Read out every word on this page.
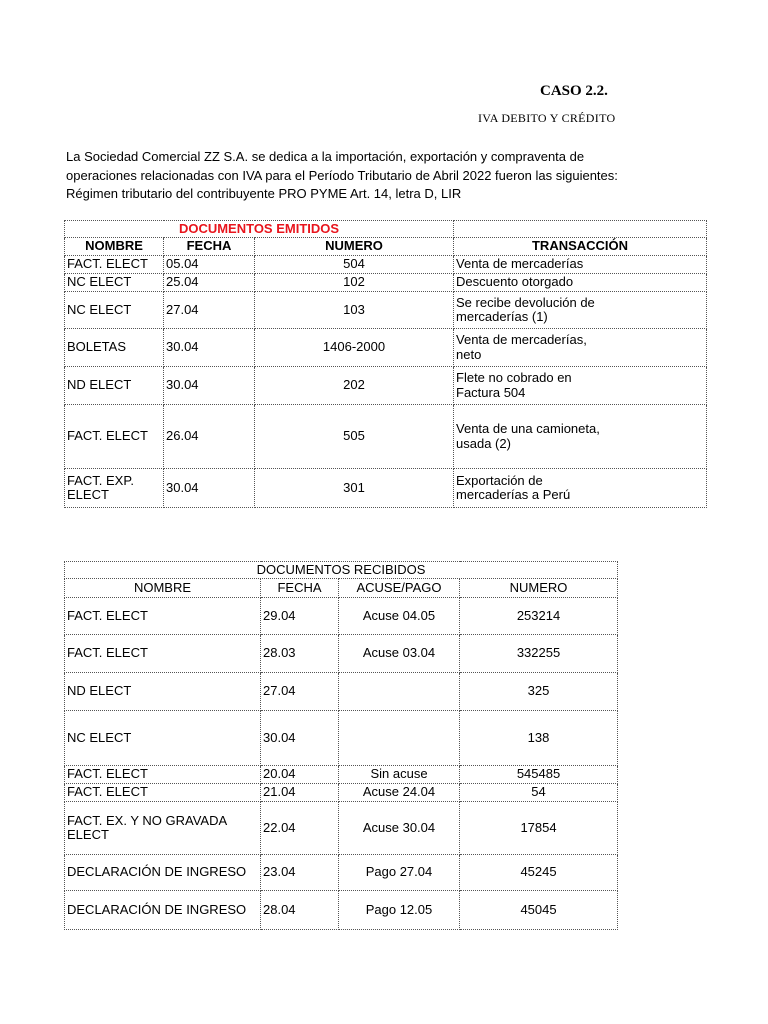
CASO 2.2.
IVA DEBITO Y CRÉDITO
La Sociedad Comercial ZZ S.A. se dedica a la importación, exportación y compraventa de
operaciones relacionadas con IVA para el Período Tributario de Abril 2022 fueron las siguientes:
Régimen tributario del contribuyente PRO PYME Art. 14, letra D, LIR
DOCUMENTOS EMITIDOS			
NOMBRE	FECHA	NUMERO	TRANSACCIÓN
FACT. ELECT	05.04	504	Venta de mercaderías
NC ELECT	25.04	102	Descuento otorgado
NC ELECT	27.04	103	Se recibe devolución de mercaderías (1)
BOLETAS	30.04	1406-2000	Venta de mercaderías, neto
ND ELECT	30.04	202	Flete no cobrado en Factura 504
FACT. ELECT	26.04	505	Venta de una camioneta, usada (2)
FACT. EXP. ELECT	30.04	301	Exportación de mercaderías a Perú
DOCUMENTOS RECIBIDOS			
NOMBRE	FECHA	ACUSE/PAGO	NUMERO
FACT. ELECT	29.04	Acuse 04.05	253214
FACT. ELECT	28.03	Acuse 03.04	332255
ND ELECT	27.04		325
NC ELECT	30.04		138
FACT. ELECT	20.04	Sin acuse	545485
FACT. ELECT	21.04	Acuse 24.04	54
FACT. EX. Y NO GRAVADA ELECT	22.04	Acuse 30.04	17854
DECLARACIÓN DE INGRESO	23.04	Pago 27.04	45245
DECLARACIÓN DE INGRESO	28.04	Pago 12.05	45045
